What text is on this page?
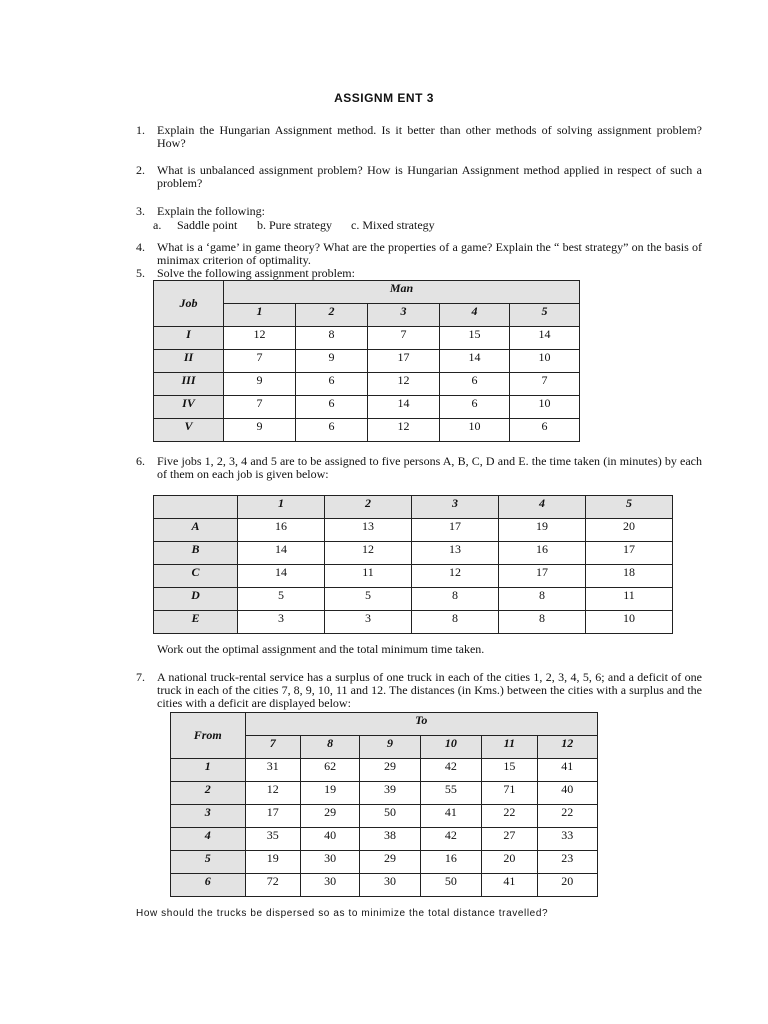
ASSIGNM ENT 3
1. Explain the Hungarian Assignment method. Is it better than other methods of solving assignment problem? How?
2. What is unbalanced assignment problem? How is Hungarian Assignment method applied in respect of such a problem?
3. Explain the following:
a. Saddle point b. Pure strategy c. Mixed strategy
4. What is a ‘game’ in game theory? What are the properties of a game? Explain the “ best strategy” on the basis of minimax criterion of optimality.
5. Solve the following assignment problem:
Job	Man				
	1	2	3	4	5
I	12	8	7	15	14
II	7	9	17	14	10
III	9	6	12	6	7
IV	7	6	14	6	10
V	9	6	12	10	6
6. Five jobs 1, 2, 3, 4 and 5 are to be assigned to five persons A, B, C, D and E. the time taken (in minutes) by each of them on each job is given below:
	1	2	3	4	5
A	16	13	17	19	20
B	14	12	13	16	17
C	14	11	12	17	18
D	5	5	8	8	11
E	3	3	8	8	10
Work out the optimal assignment and the total minimum time taken.
7. A national truck-rental service has a surplus of one truck in each of the cities 1, 2, 3, 4, 5, 6; and a deficit of one truck in each of the cities 7, 8, 9, 10, 11 and 12. The distances (in Kms.) between the cities with a surplus and the cities with a deficit are displayed below:
From	To					
	7	8	9	10	11	12
1	31	62	29	42	15	41
2	12	19	39	55	71	40
3	17	29	50	41	22	22
4	35	40	38	42	27	33
5	19	30	29	16	20	23
6	72	30	30	50	41	20
How should the trucks be dispersed so as to minimize the total distance travelled?
